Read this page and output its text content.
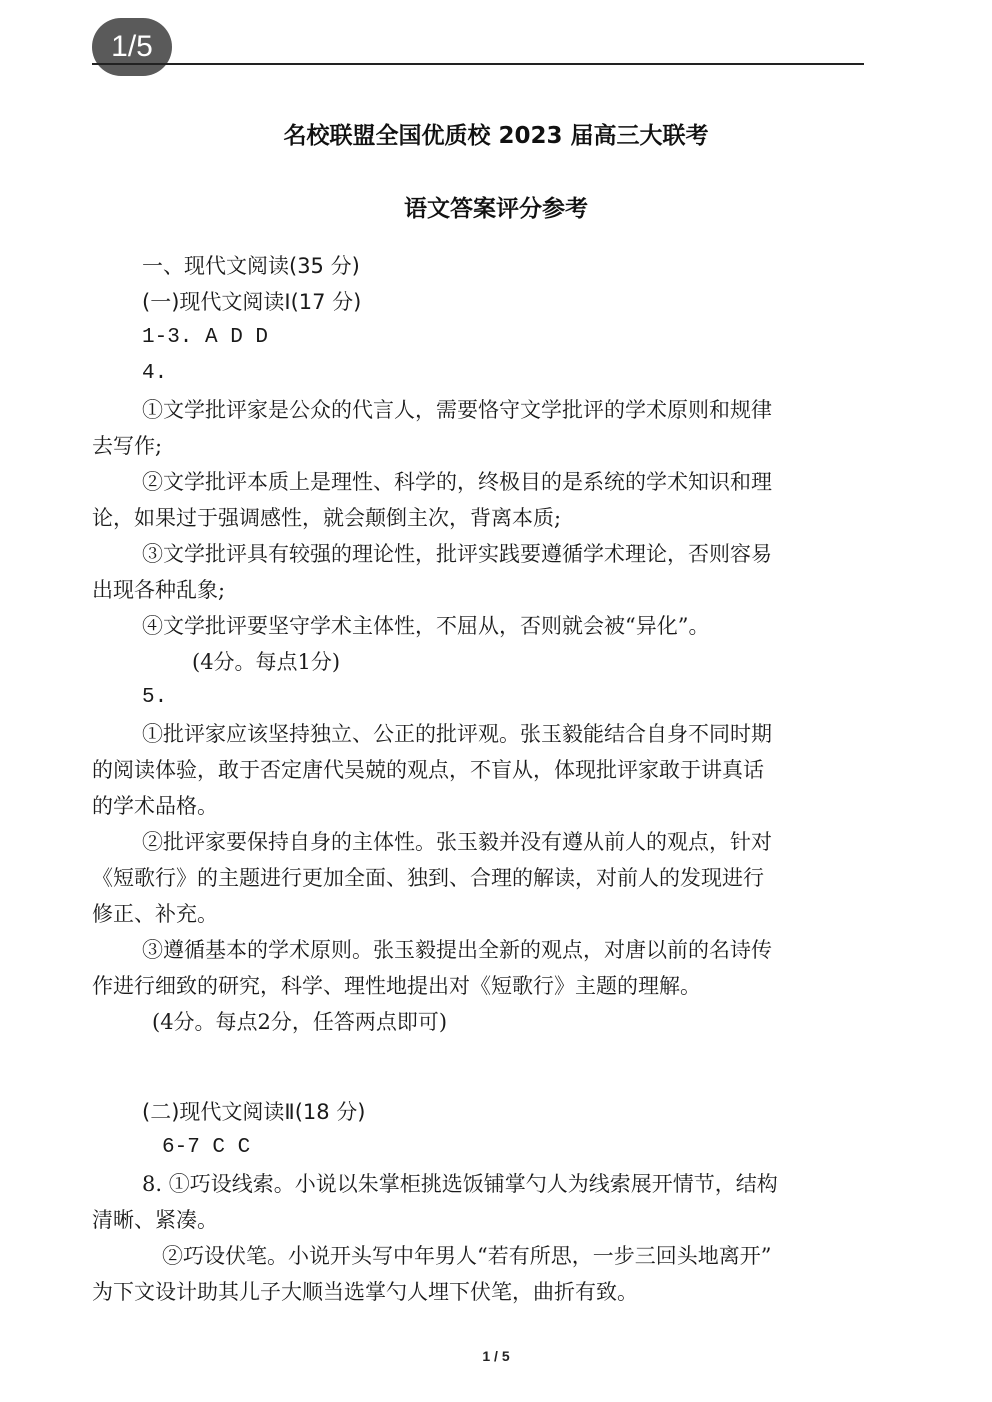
1/5
名校联盟全国优质校 2023 届高三大联考
语文答案评分参考
一、现代文阅读(35 分)
(一)现代文阅读Ⅰ(17 分)
1-3. A D D
4.
①文学批评家是公众的代言人，需要恪守文学批评的学术原则和规律
去写作;
②文学批评本质上是理性、科学的，终极目的是系统的学术知识和理
论，如果过于强调感性，就会颠倒主次，背离本质;
③文学批评具有较强的理论性，批评实践要遵循学术理论，否则容易
出现各种乱象;
④文学批评要坚守学术主体性，不屈从，否则就会被“异化”。
(4分。每点1分)
5.
①批评家应该坚持独立、公正的批评观。张玉毅能结合自身不同时期
的阅读体验，敢于否定唐代吴兢的观点，不盲从，体现批评家敢于讲真话
的学术品格。
②批评家要保持自身的主体性。张玉毅并没有遵从前人的观点，针对
《短歌行》的主题进行更加全面、独到、合理的解读，对前人的发现进行
修正、补充。
③遵循基本的学术原则。张玉毅提出全新的观点，对唐以前的名诗传
作进行细致的研究，科学、理性地提出对《短歌行》主题的理解。
(4分。每点2分，任答两点即可)
(二)现代文阅读Ⅱ(18 分)
6-7 C C
8. ①巧设线索。小说以朱掌柜挑选饭铺掌勺人为线索展开情节，结构
清晰、紧凑。
②巧设伏笔。小说开头写中年男人“若有所思，一步三回头地离开”
为下文设计助其儿子大顺当选掌勺人埋下伏笔，曲折有致。
1 / 5
